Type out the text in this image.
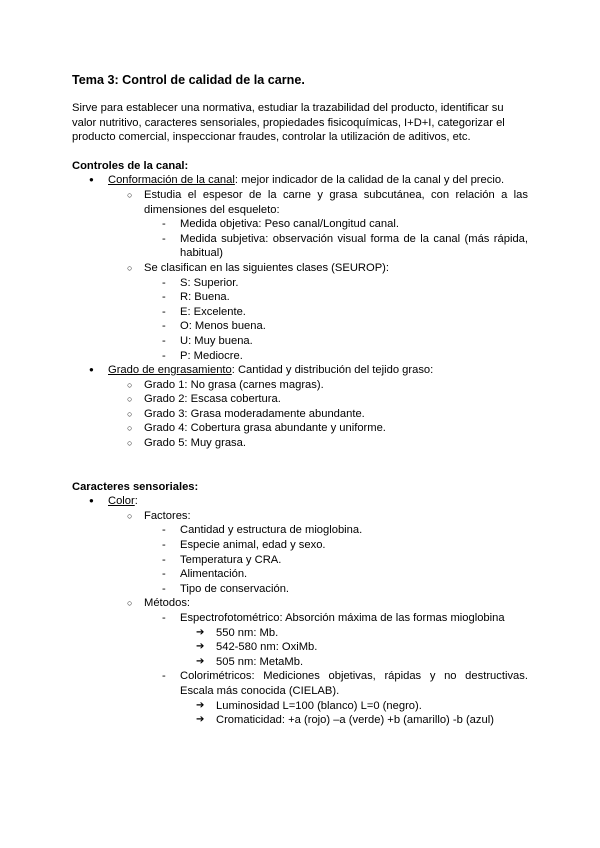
Tema 3: Control de calidad de la carne.

Sirve para establecer una normativa, estudiar la trazabilidad del producto, identificar su valor nutritivo, caracteres sensoriales, propiedades fisicoquímicas, I+D+I, categorizar el producto comercial, inspeccionar fraudes, controlar la utilización de aditivos, etc.
Controles de la canal:
● Conformación de la canal: mejor indicador de la calidad de la canal y del precio.
○ Estudia el espesor de la carne y grasa subcutánea, con relación a las dimensiones del esqueleto:
- Medida objetiva: Peso canal/Longitud canal.
- Medida subjetiva: observación visual forma de la canal (más rápida, habitual)
○ Se clasifican en las siguientes clases (SEUROP):
- S: Superior.
- R: Buena.
- E: Excelente.
- O: Menos buena.
- U: Muy buena.
- P: Mediocre.
● Grado de engrasamiento: Cantidad y distribución del tejido graso:
○ Grado 1: No grasa (carnes magras).
○ Grado 2: Escasa cobertura.
○ Grado 3: Grasa moderadamente abundante.
○ Grado 4: Cobertura grasa abundante y uniforme.
○ Grado 5: Muy grasa.
Caracteres sensoriales:
● Color:
○ Factores:
- Cantidad y estructura de mioglobina.
- Especie animal, edad y sexo.
- Temperatura y CRA.
- Alimentación.
- Tipo de conservación.
○ Métodos:
- Espectrofotométrico: Absorción máxima de las formas mioglobina
➔ 550 nm: Mb.
➔ 542-580 nm: OxiMb.
➔ 505 nm: MetaMb.
- Colorimétricos: Mediciones objetivas, rápidas y no destructivas. Escala más conocida (CIELAB).
➔ Luminosidad L=100 (blanco) L=0 (negro).
➔ Cromaticidad: +a (rojo) –a (verde) +b (amarillo) -b (azul)
